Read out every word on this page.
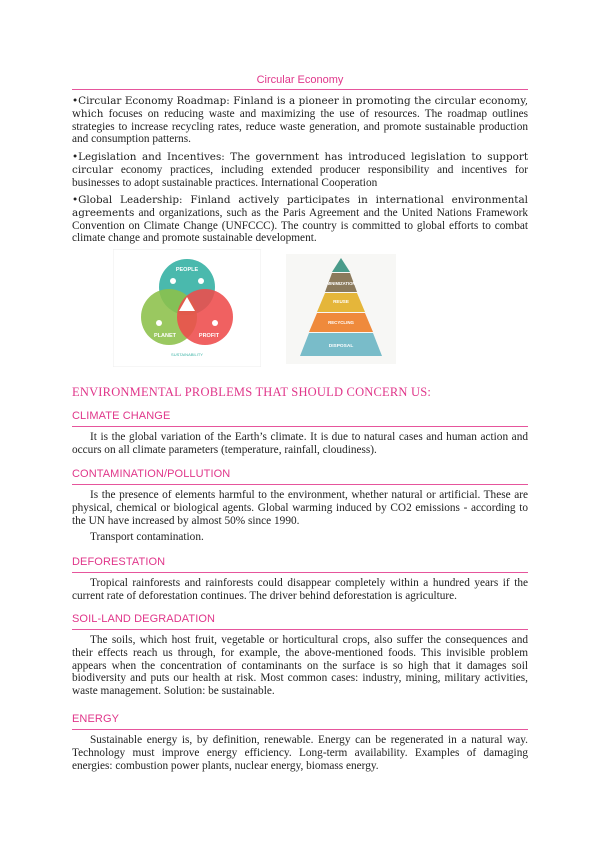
Circular Economy

•Circular Economy Roadmap: Finland is a pioneer in promoting the circular economy, which focuses on reducing waste and maximizing the use of resources. The roadmap outlines strategies to increase recycling rates, reduce waste generation, and promote sustainable production and consumption patterns.

•Legislation and Incentives: The government has introduced legislation to support circular economy practices, including extended producer responsibility and incentives for businesses to adopt sustainable practices. International Cooperation

•Global Leadership: Finland actively participates in international environmental agreements and organizations, such as the Paris Agreement and the United Nations Framework Convention on Climate Change (UNFCCC). The country is committed to global efforts to combat climate change and promote sustainable development.

PEOPLE
PLANET	PROFIT
SUSTAINABILITY
MINIMIZATION
REUSE
RECYCLING
DISPOSAL
ENVIRONMENTAL PROBLEMS THAT SHOULD CONCERN US:
CLIMATE CHANGE

It is the global variation of the Earth’s climate. It is due to natural cases and human action and occurs on all climate parameters (temperature, rainfall, cloudiness).

CONTAMINATION/POLLUTION

Is the presence of elements harmful to the environment, whether natural or artificial. These are physical, chemical or biological agents. Global warming induced by CO2 emissions - according to the UN have increased by almost 50% since 1990.

Transport contamination.

DEFORESTATION

Tropical rainforests and rainforests could disappear completely within a hundred years if the current rate of deforestation continues. The driver behind deforestation is agriculture.

SOIL-LAND DEGRADATION

The soils, which host fruit, vegetable or horticultural crops, also suffer the consequences and their effects reach us through, for example, the above-mentioned foods. This invisible problem appears when the concentration of contaminants on the surface is so high that it damages soil biodiversity and puts our health at risk. Most common cases: industry, mining, military activities, waste management. Solution: be sustainable.

ENERGY

Sustainable energy is, by definition, renewable. Energy can be regenerated in a natural way. Technology must improve energy efficiency. Long-term availability. Examples of damaging energies: combustion power plants, nuclear energy, biomass energy.
